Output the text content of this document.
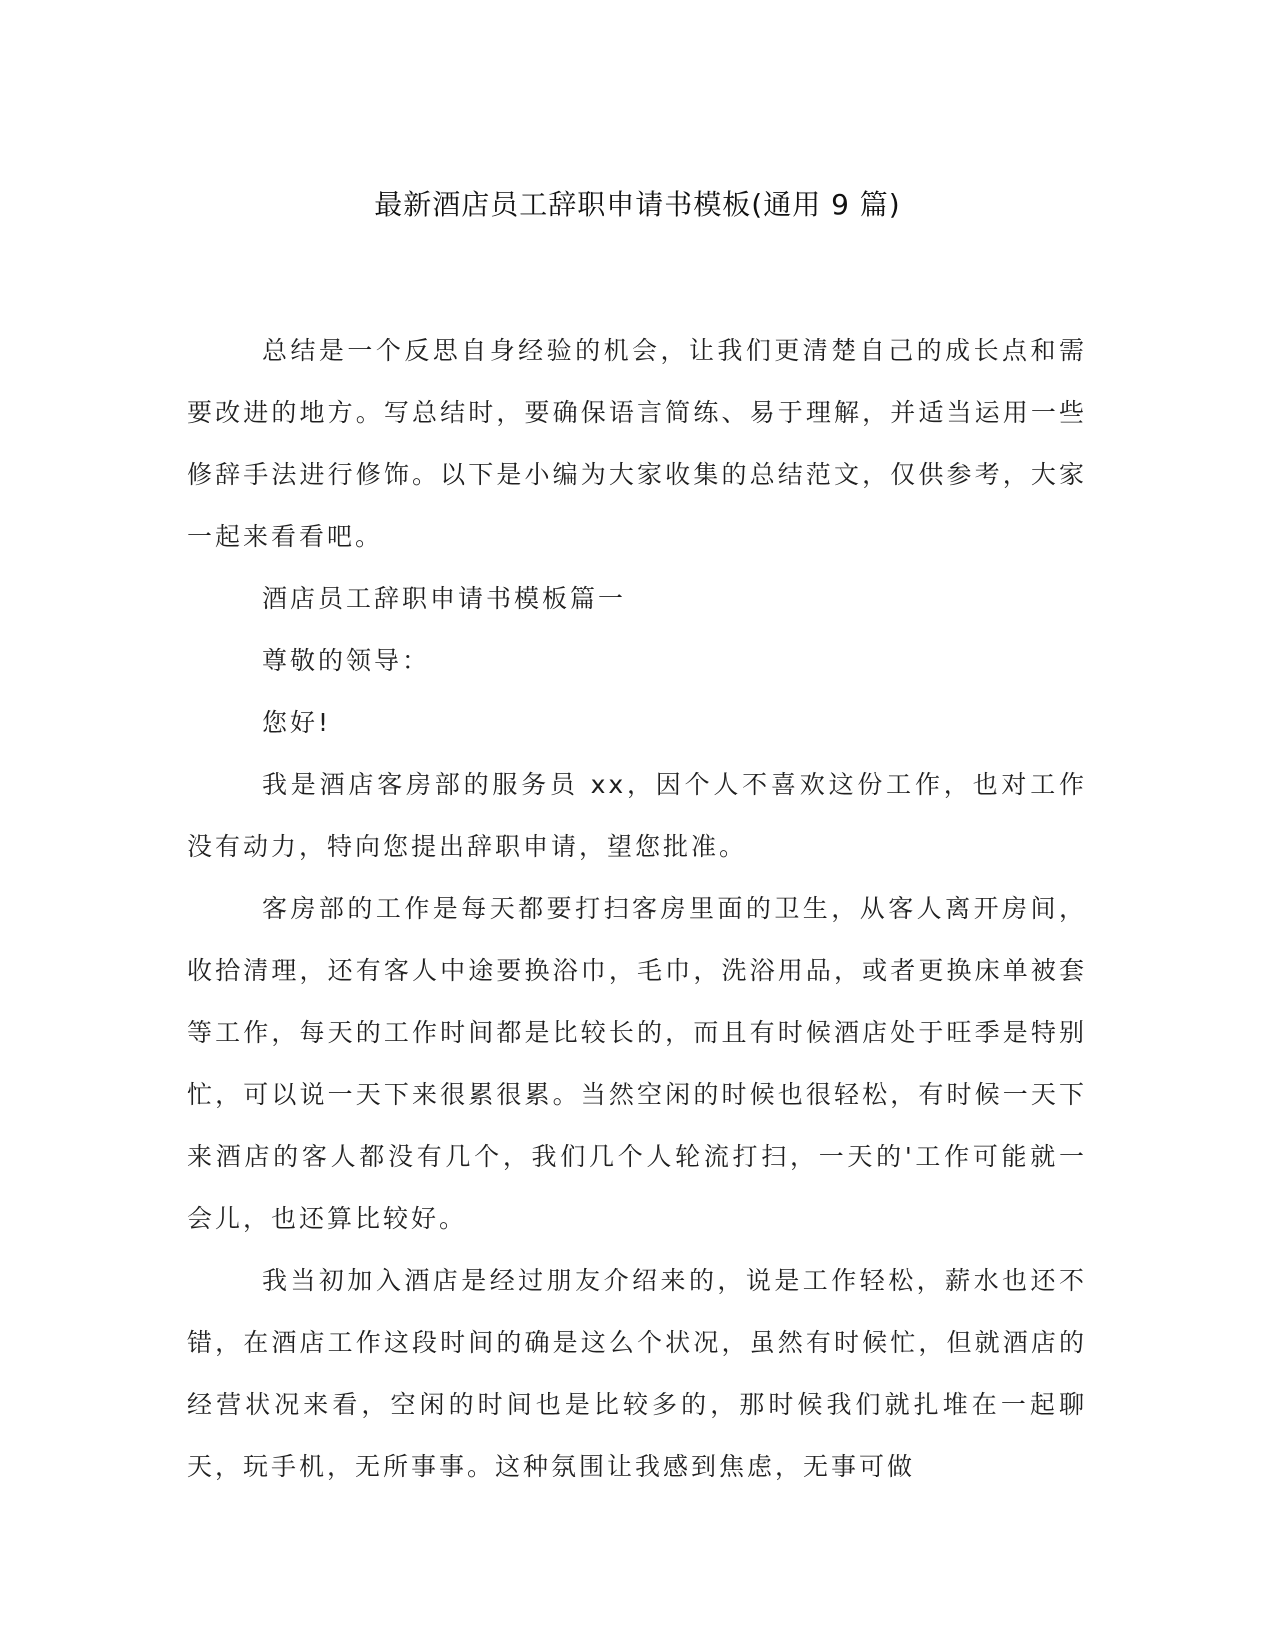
最新酒店员工辞职申请书模板(通用 9 篇)

总结是一个反思自身经验的机会，让我们更清楚自己的成长点和需要改进的地方。写总结时，要确保语言简练、易于理解，并适当运用一些修辞手法进行修饰。以下是小编为大家收集的总结范文，仅供参考，大家一起来看看吧。

酒店员工辞职申请书模板篇一

尊敬的领导：

您好!

我是酒店客房部的服务员 xx，因个人不喜欢这份工作，也对工作没有动力，特向您提出辞职申请，望您批准。

客房部的工作是每天都要打扫客房里面的卫生，从客人离开房间，收拾清理，还有客人中途要换浴巾，毛巾，洗浴用品，或者更换床单被套等工作，每天的工作时间都是比较长的，而且有时候酒店处于旺季是特别忙，可以说一天下来很累很累。当然空闲的时候也很轻松，有时候一天下来酒店的客人都没有几个，我们几个人轮流打扫，一天的'工作可能就一会儿，也还算比较好。

我当初加入酒店是经过朋友介绍来的，说是工作轻松，薪水也还不错，在酒店工作这段时间的确是这么个状况，虽然有时候忙，但就酒店的经营状况来看，空闲的时间也是比较多的，那时候我们就扎堆在一起聊天，玩手机，无所事事。这种氛围让我感到焦虑，无事可做
